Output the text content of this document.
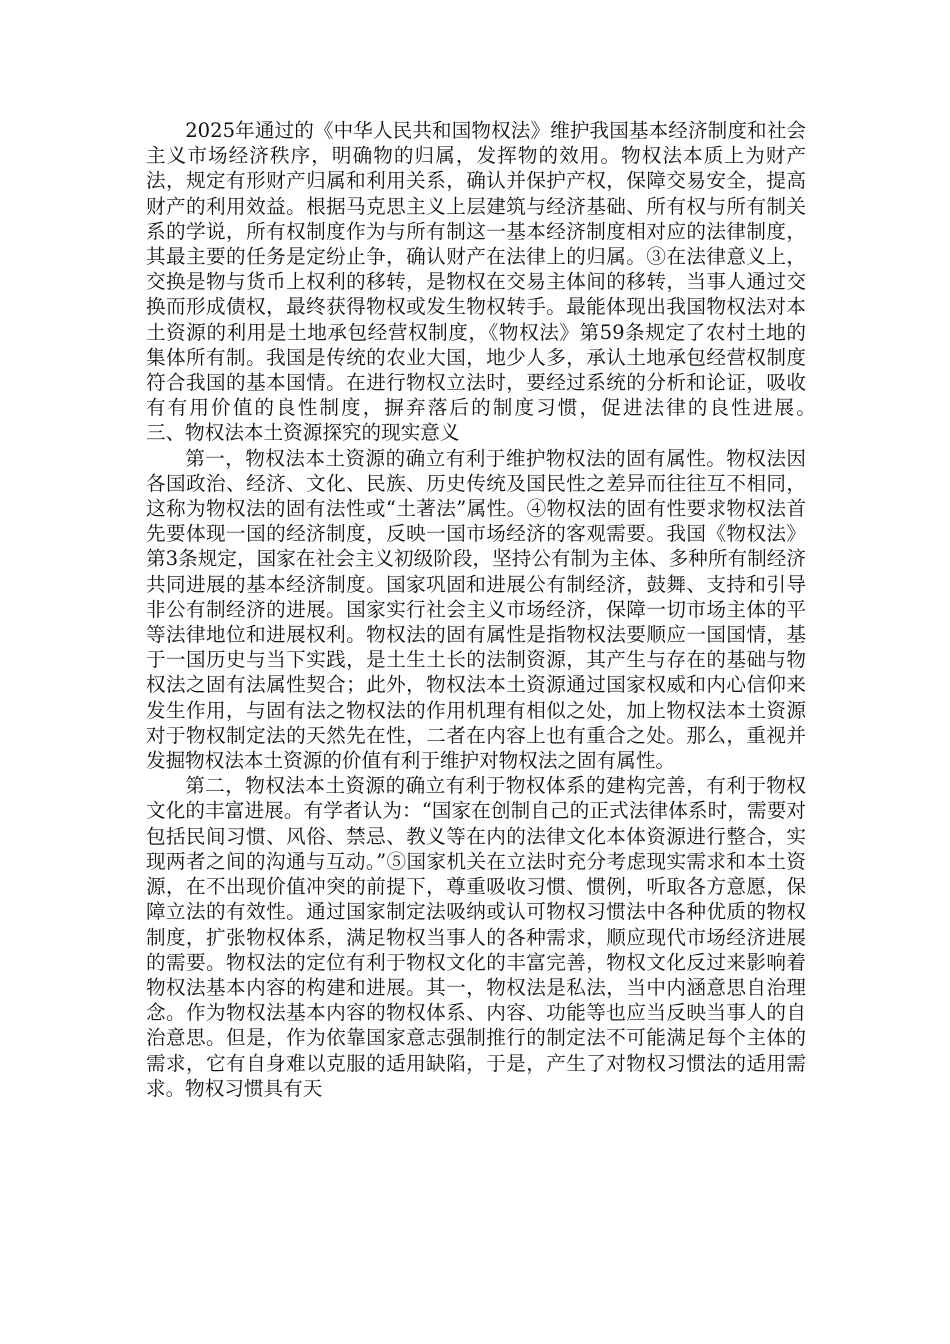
2025年通过的《中华人民共和国物权法》维护我国基本经济制度和社会主义市场经济秩序，明确物的归属，发挥物的效用。物权法本质上为财产法，规定有形财产归属和利用关系，确认并保护产权，保障交易安全，提高财产的利用效益。根据马克思主义上层建筑与经济基础、所有权与所有制关系的学说，所有权制度作为与所有制这一基本经济制度相对应的法律制度，其最主要的任务是定纷止争，确认财产在法律上的归属。③在法律意义上，交换是物与货币上权利的移转，是物权在交易主体间的移转，当事人通过交换而形成债权，最终获得物权或发生物权转手。最能体现出我国物权法对本土资源的利用是土地承包经营权制度，《物权法》第59条规定了农村土地的集体所有制。我国是传统的农业大国，地少人多，承认土地承包经营权制度符合我国的基本国情。在进行物权立法时，要经过系统的分析和论证，吸收有有用价值的良性制度，摒弃落后的制度习惯，促进法律的良性进展。　　　　　三、物权法本土资源探究的现实意义

第一，物权法本土资源的确立有利于维护物权法的固有属性。物权法因各国政治、经济、文化、民族、历史传统及国民性之差异而往往互不相同，这称为物权法的固有法性或“土著法”属性。④物权法的固有性要求物权法首先要体现一国的经济制度，反映一国市场经济的客观需要。我国《物权法》第3条规定，国家在社会主义初级阶段，坚持公有制为主体、多种所有制经济共同进展的基本经济制度。国家巩固和进展公有制经济，鼓舞、支持和引导非公有制经济的进展。国家实行社会主义市场经济，保障一切市场主体的平等法律地位和进展权利。物权法的固有属性是指物权法要顺应一国国情，基于一国历史与当下实践，是土生土长的法制资源，其产生与存在的基础与物权法之固有法属性契合；此外，物权法本土资源通过国家权威和内心信仰来发生作用，与固有法之物权法的作用机理有相似之处，加上物权法本土资源对于物权制定法的天然先在性，二者在内容上也有重合之处。那么，重视并发掘物权法本土资源的价值有利于维护对物权法之固有属性。

第二，物权法本土资源的确立有利于物权体系的建构完善，有利于物权文化的丰富进展。有学者认为：“国家在创制自己的正式法律体系时，需要对包括民间习惯、风俗、禁忌、教义等在内的法律文化本体资源进行整合，实现两者之间的沟通与互动。”⑤国家机关在立法时充分考虑现实需求和本土资源，在不出现价值冲突的前提下，尊重吸收习惯、惯例，听取各方意愿，保障立法的有效性。通过国家制定法吸纳或认可物权习惯法中各种优质的物权制度，扩张物权体系，满足物权当事人的各种需求，顺应现代市场经济进展的需要。物权法的定位有利于物权文化的丰富完善，物权文化反过来影响着物权法基本内容的构建和进展。其一，物权法是私法，当中内涵意思自治理念。作为物权法基本内容的物权体系、内容、功能等也应当反映当事人的自治意思。但是，作为依靠国家意志强制推行的制定法不可能满足每个主体的需求，它有自身难以克服的适用缺陷，于是，产生了对物权习惯法的适用需求。物权习惯具有天
